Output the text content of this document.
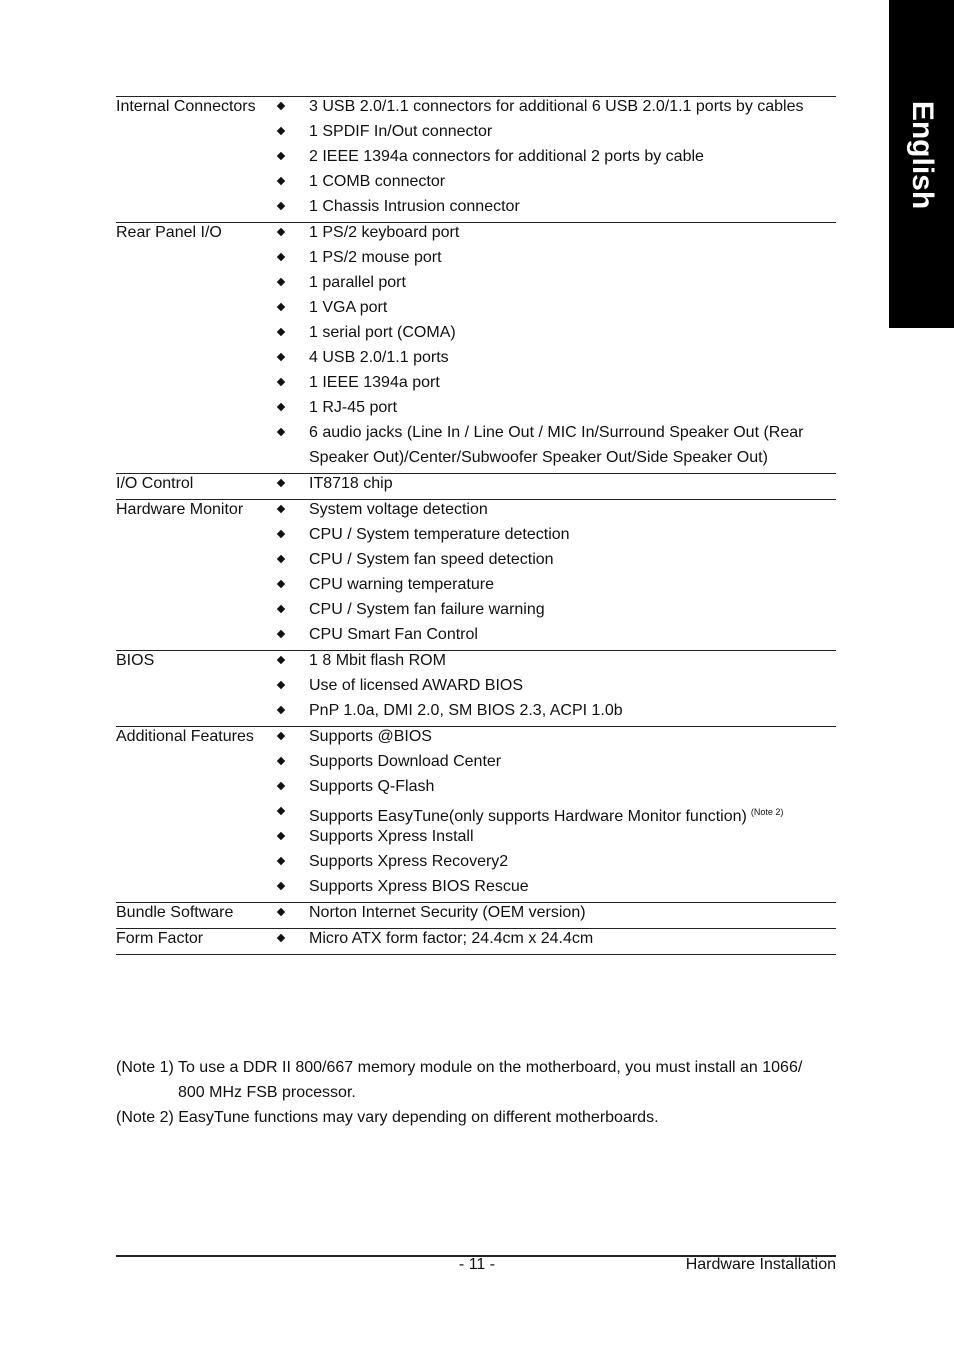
English
Internal Connectors	3 USB 2.0/1.1 connectors for additional 6 USB 2.0/1.1 ports by cables
1 SPDIF In/Out connector
2 IEEE 1394a connectors for additional 2 ports by cable
1 COMB connector
1 Chassis Intrusion connector
Rear Panel I/O	1 PS/2 keyboard port
1 PS/2 mouse port
1 parallel port
1 VGA port
1 serial port (COMA)
4 USB 2.0/1.1 ports
1 IEEE 1394a port
1 RJ-45 port
6 audio jacks (Line In / Line Out / MIC In/Surround Speaker Out (Rear
Speaker Out)/Center/Subwoofer Speaker Out/Side Speaker Out)
I/O Control	IT8718 chip
Hardware Monitor	System voltage detection
CPU / System temperature detection
CPU / System fan speed detection
CPU warning temperature
CPU / System fan failure warning
CPU Smart Fan Control
BIOS	1 8 Mbit flash ROM
Use of licensed AWARD BIOS
PnP 1.0a, DMI 2.0, SM BIOS 2.3, ACPI 1.0b
Additional Features	Supports @BIOS
Supports Download Center
Supports Q-Flash
Supports EasyTune(only supports Hardware Monitor function) $^{(Note 2)}$
Supports Xpress Install
Supports Xpress Recovery2
Supports Xpress BIOS Rescue
Bundle Software	Norton Internet Security (OEM version)
Form Factor	Micro ATX form factor; 24.4cm x 24.4cm
(Note 1) To use a DDR II 800/667 memory module on the motherboard, you must install an 1066/
800 MHz FSB processor.
(Note 2) EasyTune functions may vary depending on different motherboards.
- 11 -	Hardware Installation
